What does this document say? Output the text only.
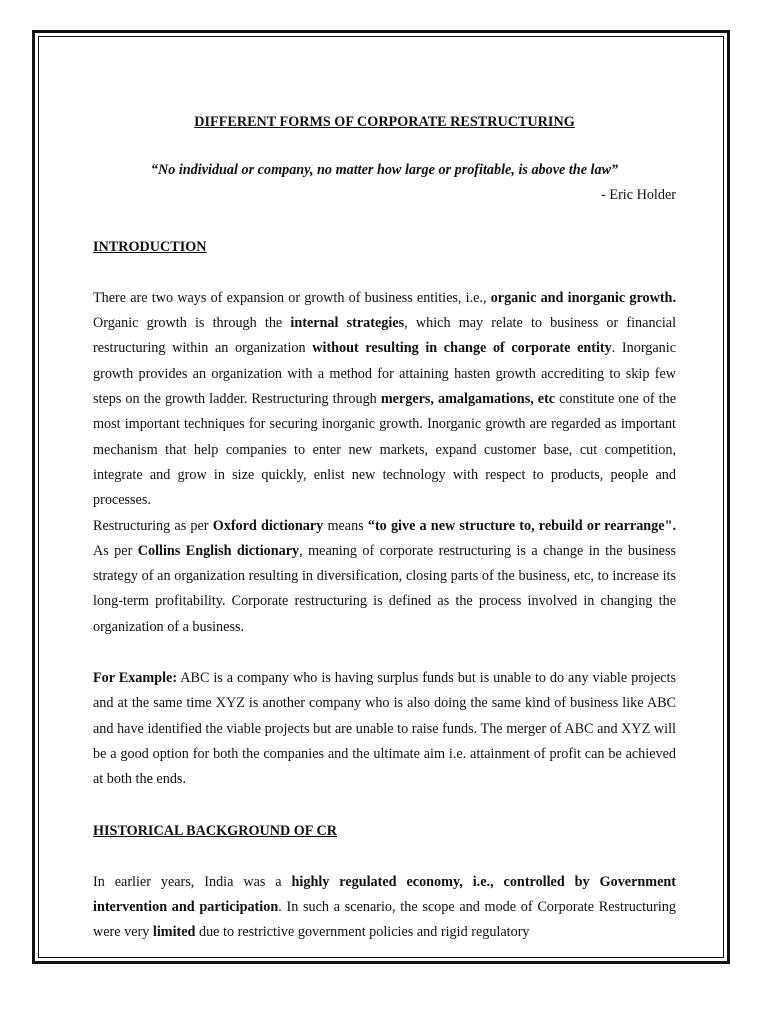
DIFFERENT FORMS OF CORPORATE RESTRUCTURING

“No individual or company, no matter how large or profitable, is above the law”

- Eric Holder

INTRODUCTION

There are two ways of expansion or growth of business entities, i.e., organic and inorganic growth. Organic growth is through the internal strategies, which may relate to business or financial restructuring within an organization without resulting in change of corporate entity. Inorganic growth provides an organization with a method for attaining hasten growth accrediting to skip few steps on the growth ladder. Restructuring through mergers, amalgamations, etc constitute one of the most important techniques for securing inorganic growth. Inorganic growth are regarded as important mechanism that help companies to enter new markets, expand customer base, cut competition, integrate and grow in size quickly, enlist new technology with respect to products, people and processes.

Restructuring as per Oxford dictionary means “to give a new structure to, rebuild or rearrange".    As per Collins English dictionary, meaning of corporate restructuring is a change in the business strategy of an organization resulting in diversification, closing parts of the business, etc, to increase its long-term profitability. Corporate restructuring is defined as the process involved in changing the organization of a business.

For Example: ABC is a company who is having surplus funds but is unable to do any viable projects and at the same time XYZ is another company who is also doing the same kind of business like ABC and have identified the viable projects but are unable to raise funds. The merger of ABC and XYZ will be a good option for both the companies and the ultimate aim i.e. attainment of profit can be achieved at both the ends.

HISTORICAL BACKGROUND OF CR

In earlier years, India was a highly regulated economy, i.e., controlled by Government intervention and participation. In such a scenario, the scope and mode of Corporate Restructuring were very limited due to restrictive government policies and rigid regulatory
